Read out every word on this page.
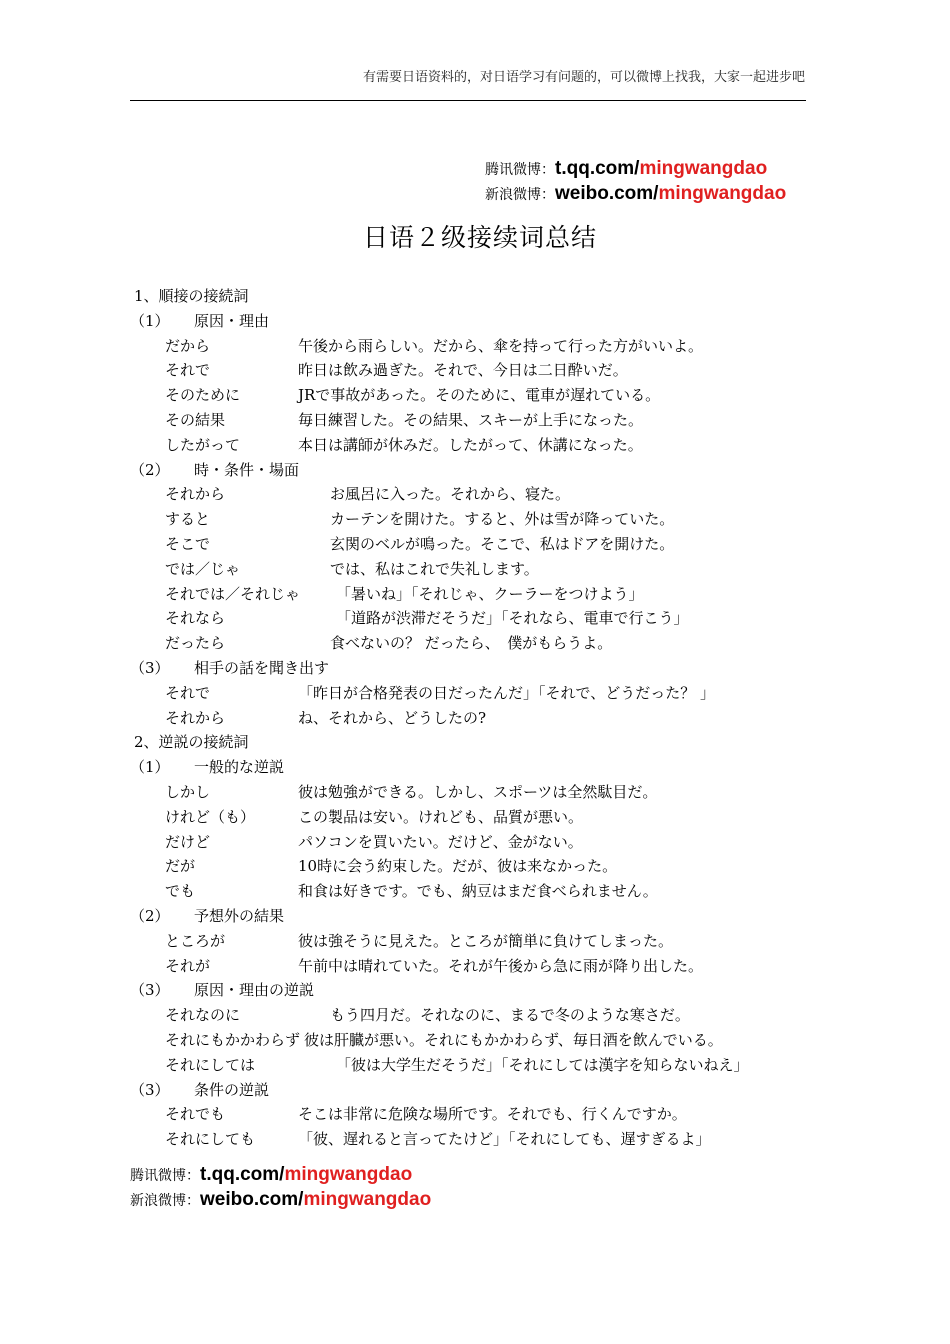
有需要日语资料的，对日语学习有问题的，可以微博上找我，大家一起进步吧
腾讯微博：t.qq.com/mingwangdao
新浪微博：weibo.com/mingwangdao
日语２级接续词总结
1、順接の接続詞
（1） 原因・理由
だから	午後から雨らしい。だから、傘を持って行った方がいいよ。
それで	昨日は飲み過ぎた。それで、今日は二日酔いだ。
そのために	JRで事故があった。そのために、電車が遅れている。
その結果	毎日練習した。その結果、スキーが上手になった。
したがって	本日は講師が休みだ。したがって、休講になった。
（2） 時・条件・場面
それから	お風呂に入った。それから、寝た。
すると	カーテンを開けた。すると、外は雪が降っていた。
そこで	玄関のベルが鳴った。そこで、私はドアを開けた。
では／じゃ	では、私はこれで失礼します。
それでは／それじゃ 「暑いね」「それじゃ、クーラーをつけよう」
それなら	「道路が渋滞だそうだ」「それなら、電車で行こう」
だったら	食べないの？ だったら、　僕がもらうよ。
（3） 相手の話を聞き出す
それで	「昨日が合格発表の日だったんだ」「それで、どうだった？ 」
それから	ね、それから、どうしたの?
2、逆説の接続詞
（1） 一般的な逆説
しかし	彼は勉強ができる。しかし、スポーツは全然駄目だ。
けれど（も）	この製品は安い。けれども、品質が悪い。
だけど	パソコンを買いたい。だけど、金がない。
だが	10時に会う約束した。だが、彼は来なかった。
でも	和食は好きです。でも、納豆はまだ食べられません。
（2） 予想外の結果
ところが	彼は強そうに見えた。ところが簡単に負けてしまった。
それが	午前中は晴れていた。それが午後から急に雨が降り出した。
（3） 原因・理由の逆説
それなのに	もう四月だ。それなのに、まるで冬のような寒さだ。
それにもかかわらず 彼は肝臓が悪い。それにもかかわらず、毎日酒を飲んでいる。
それにしては	「彼は大学生だそうだ」「それにしては漢字を知らないねえ」
（3） 条件の逆説
それでも	そこは非常に危険な場所です。それでも、行くんですか。
それにしても	「彼、遅れると言ってたけど」「それにしても、遅すぎるよ」
腾讯微博：t.qq.com/mingwangdao
新浪微博：weibo.com/mingwangdao
